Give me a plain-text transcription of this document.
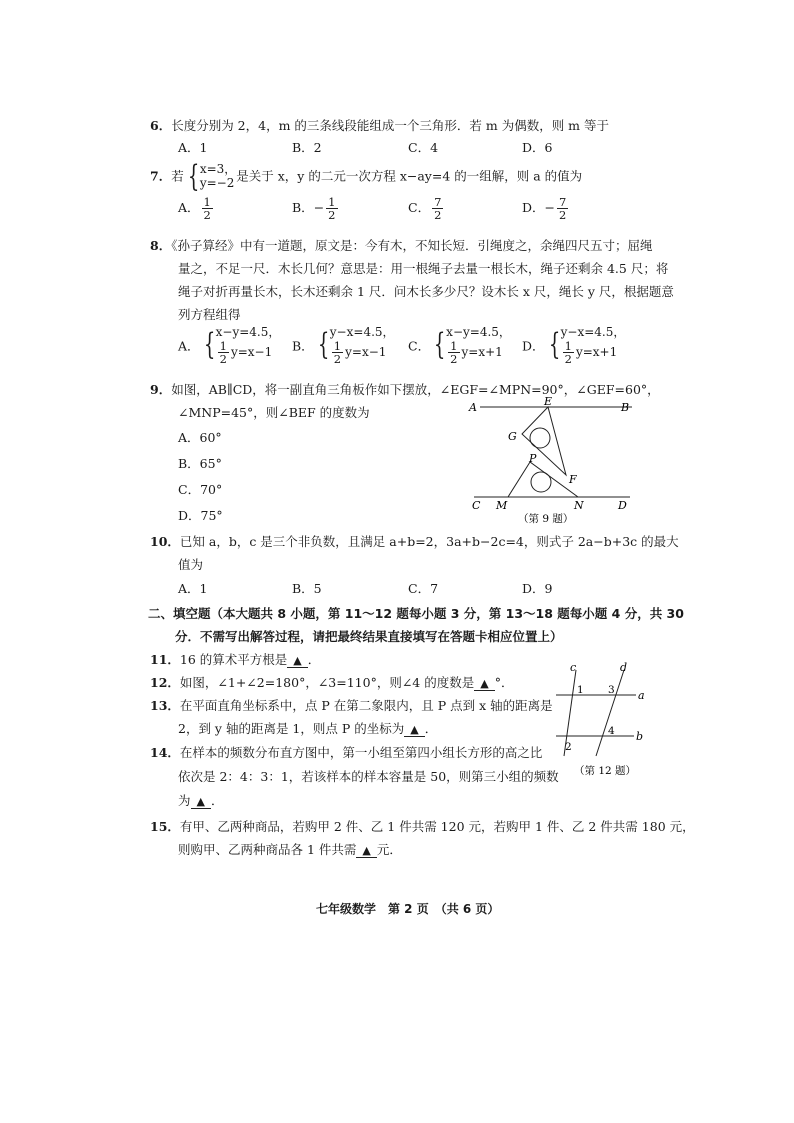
6．长度分别为 2，4，m 的三条线段能组成一个三角形．若 m 为偶数，则 m 等于
A．1	B．2	C．4	D．6
7．若 { x=3，
y=−2 是关于 x，y 的二元一次方程 x−ay=4 的一组解，则 a 的值为
A． $\frac{1}{2}$	B．− $\frac{1}{2}$	C． $\frac{7}{2}$	D．− $\frac{7}{2}$
8．《孙子算经》中有一道题，原文是：今有木，不知长短．引绳度之，余绳四尺五寸；屈绳
量之，不足一尺．木长几何？意思是：用一根绳子去量一根长木，绳子还剩余 4.5 尺；将
绳子对折再量长木，长木还剩余 1 尺．问木长多少尺？设木长 x 尺，绳长 y 尺，根据题意
列方程组得
A． { x−y=4.5，
$\frac{1}{2} y=x-1$	B． { y−x=4.5，
$\frac{1}{2} y=x-1$	C． { x−y=4.5，
$\frac{1}{2} y=x+1$	D． { y−x=4.5，
$\frac{1}{2} y=x+1$
9．如图，AB∥CD，将一副直角三角板作如下摆放，∠EGF=∠MPN=90°，∠GEF=60°，
∠MNP=45°，则∠BEF 的度数为
A．60°
B．65°
C．70°
D．75°
A	B
E
G
P
F
C M	N	D
（第 9 题）
10．已知 a，b，c 是三个非负数，且满足 a+b=2，3a+b−2c=4，则式子 2a−b+3c 的最大
值为
A．1	B．5	C．7	D．9
二、填空题（本大题共 8 小题，第 11～12 题每小题 3 分，第 13～18 题每小题 4 分，共 30
分．不需写出解答过程，请把最终结果直接填写在答题卡相应位置上）
11．16 的算术平方根是 ▲ ．
12．如图，∠1+∠2=180°，∠3=110°，则∠4 的度数是 ▲ °．
c	d
a
b
1
2
3
4
（第 12 题）
13．在平面直角坐标系中，点 P 在第二象限内，且 P 点到 x 轴的距离是
2，到 y 轴的距离是 1，则点 P 的坐标为 ▲ ．
14．在样本的频数分布直方图中，第一小组至第四小组长方形的高之比
依次是 2：4：3：1，若该样本的样本容量是 50，则第三小组的频数
为 ▲ ．
15．有甲、乙两种商品，若购甲 2 件、乙 1 件共需 120 元，若购甲 1 件、乙 2 件共需 180 元，
则购甲、乙两种商品各 1 件共需 ▲ 元．
七年级数学　第 2 页　（共 6 页）
